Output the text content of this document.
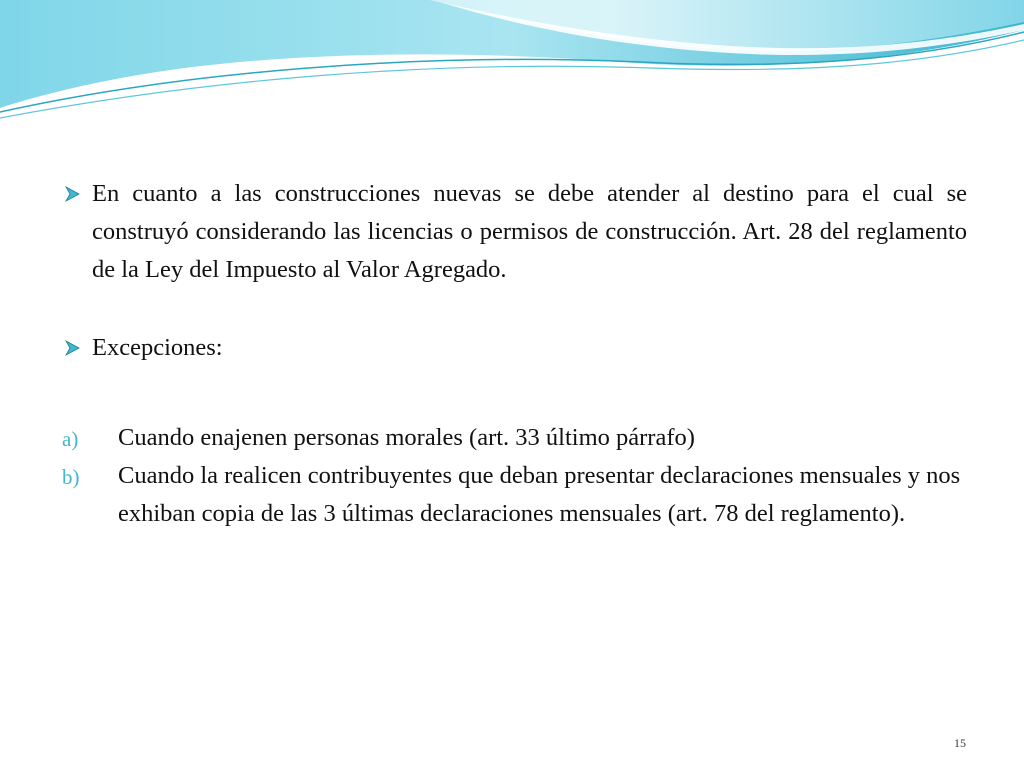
En cuanto a las construcciones nuevas se debe atender al destino para el cual se construyó considerando las licencias o permisos de construcción. Art. 28 del reglamento de la Ley del Impuesto al Valor Agregado.
Excepciones:
a) Cuando enajenen personas morales (art. 33 último párrafo)
b) Cuando la realicen contribuyentes que deban presentar declaraciones mensuales y nos exhiban copia de las 3 últimas declaraciones mensuales (art. 78 del reglamento).
15
